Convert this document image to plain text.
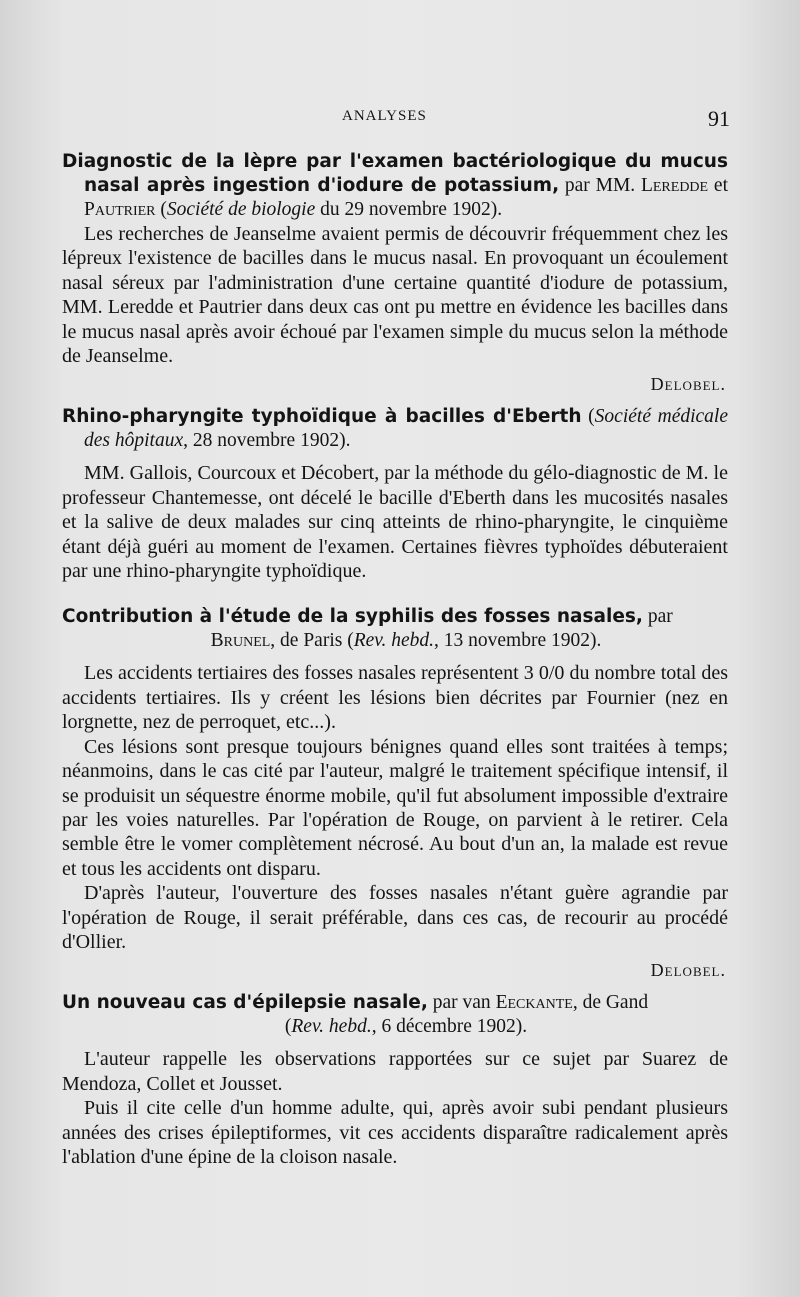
ANALYSES	91

Diagnostic de la lèpre par l'examen bactériologique du mucus nasal après ingestion d'iodure de potassium, par MM. Leredde et Pautrier (Société de biologie du 29 novembre 1902).

Les recherches de Jeanselme avaient permis de découvrir fréquemment chez les lépreux l'existence de bacilles dans le mucus nasal. En provoquant un écoulement nasal séreux par l'administration d'une certaine quantité d'iodure de potassium, MM. Leredde et Pautrier dans deux cas ont pu mettre en évidence les bacilles dans le mucus nasal après avoir échoué par l'examen simple du mucus selon la méthode de Jeanselme.

Delobel.

Rhino-pharyngite typhoïdique à bacilles d'Eberth (Société médicale des hôpitaux, 28 novembre 1902).

MM. Gallois, Courcoux et Décobert, par la méthode du gélo-diagnostic de M. le professeur Chantemesse, ont décelé le bacille d'Eberth dans les mucosités nasales et la salive de deux malades sur cinq atteints de rhino-pharyngite, le cinquième étant déjà guéri au moment de l'examen. Certaines fièvres typhoïdes débuteraient par une rhino-pharyngite typhoïdique.

Contribution à l'étude de la syphilis des fosses nasales, par
Brunel, de Paris (Rev. hebd., 13 novembre 1902).

Les accidents tertiaires des fosses nasales représentent 3 0/0 du nombre total des accidents tertiaires. Ils y créent les lésions bien décrites par Fournier (nez en lorgnette, nez de perroquet, etc...).

Ces lésions sont presque toujours bénignes quand elles sont traitées à temps; néanmoins, dans le cas cité par l'auteur, malgré le traitement spécifique intensif, il se produisit un séquestre énorme mobile, qu'il fut absolument impossible d'extraire par les voies naturelles. Par l'opération de Rouge, on parvient à le retirer. Cela semble être le vomer complètement nécrosé. Au bout d'un an, la malade est revue et tous les accidents ont disparu.

D'après l'auteur, l'ouverture des fosses nasales n'étant guère agrandie par l'opération de Rouge, il serait préférable, dans ces cas, de recourir au procédé d'Ollier.

Delobel.

Un nouveau cas d'épilepsie nasale, par van Eeckante, de Gand
(Rev. hebd., 6 décembre 1902).

L'auteur rappelle les observations rapportées sur ce sujet par Suarez de Mendoza, Collet et Jousset.

Puis il cite celle d'un homme adulte, qui, après avoir subi pendant plusieurs années des crises épileptiformes, vit ces accidents disparaître radicalement après l'ablation d'une épine de la cloison nasale.
